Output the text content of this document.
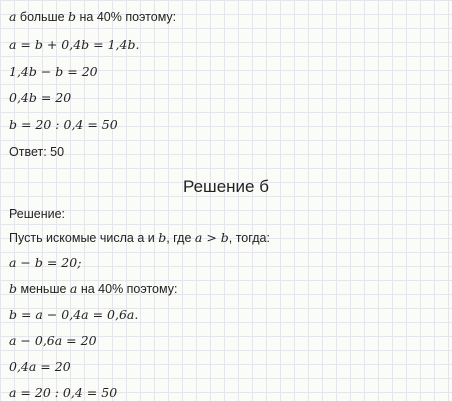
a больше b на 40% поэтому:
a = b + 0,4b = 1,4b.
1,4b − b = 20
0,4b = 20
b = 20 : 0,4 = 50
Ответ: 50
Решение б
Решение:
Пусть искомые числа а и b, где a > b, тогда:
a − b = 20;
b меньше a на 40% поэтому:
b = a − 0,4a = 0,6a.
a − 0,6a = 20
0,4a = 20
a = 20 : 0,4 = 50
